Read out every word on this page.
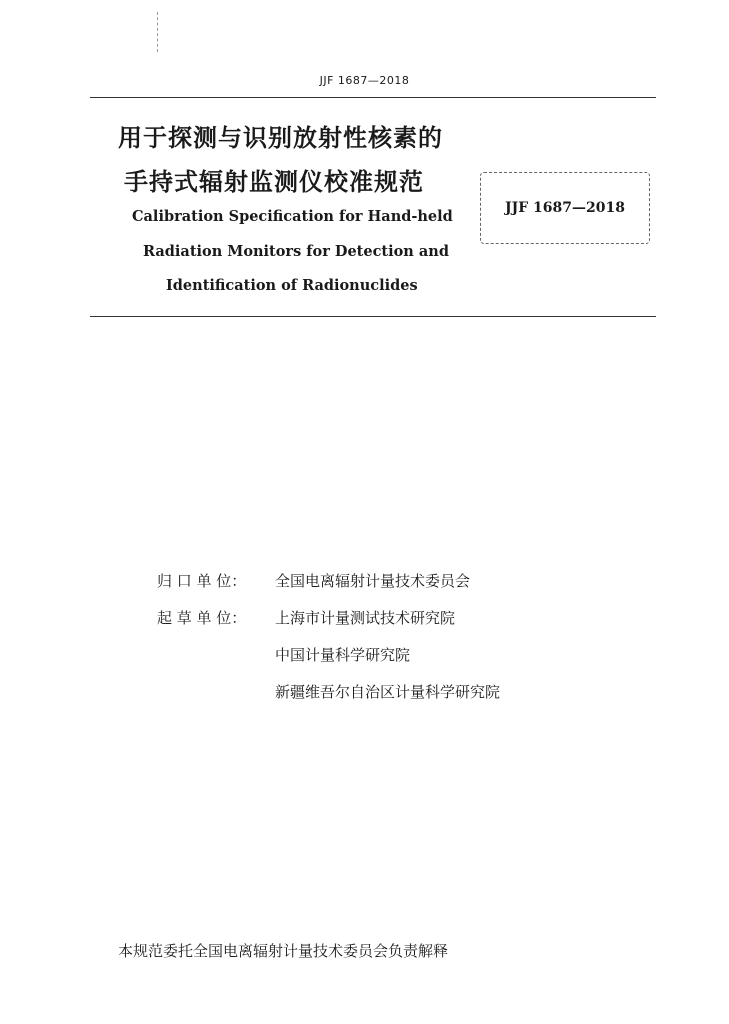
JJF 1687—2018
用于探测与识别放射性核素的
手持式辐射监测仪校准规范
Calibration Specification for Hand-held
Radiation Monitors for Detection and
Identification of Radionuclides
JJF 1687—2018
归 口 单 位： 全国电离辐射计量技术委员会
起 草 单 位： 上海市计量测试技术研究院
中国计量科学研究院
新疆维吾尔自治区计量科学研究院
本规范委托全国电离辐射计量技术委员会负责解释
